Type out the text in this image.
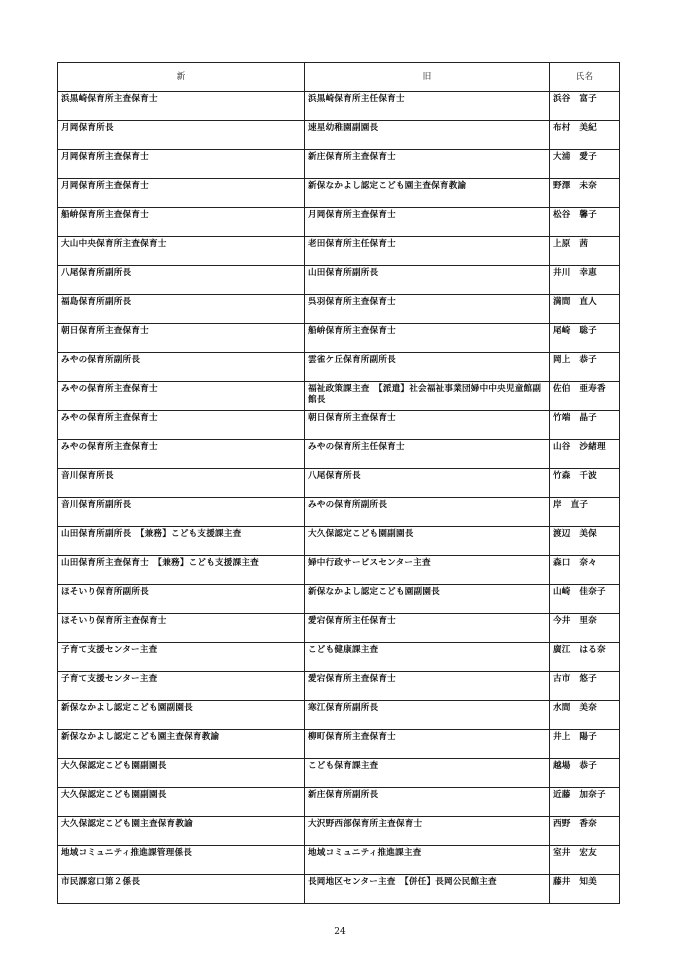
新	旧	氏名
浜黒崎保育所主査保育士	浜黒崎保育所主任保育士	浜谷　富子
月岡保育所長	速星幼稚園副園長	布村　美紀
月岡保育所主査保育士	新庄保育所主査保育士	大浦　愛子
月岡保育所主査保育士	新保なかよし認定こども園主査保育教諭	野澤　未奈
船峅保育所主査保育士	月岡保育所主査保育士	松谷　馨子
大山中央保育所主査保育士	老田保育所主任保育士	上原　茜
八尾保育所副所長	山田保育所副所長	井川　幸恵
福島保育所副所長	呉羽保育所主査保育士	満間　直人
朝日保育所主査保育士	船峅保育所主査保育士	尾崎　聡子
みやの保育所副所長	雲雀ケ丘保育所副所長	岡上　恭子
みやの保育所主査保育士	福祉政策課主査　【派遣】社会福祉事業団婦中中央児童館副館長	佐伯　亜寿香
みやの保育所主査保育士	朝日保育所主査保育士	竹端　晶子
みやの保育所主査保育士	みやの保育所主任保育士	山谷　沙緒理
音川保育所長	八尾保育所長	竹森　千波
音川保育所副所長	みやの保育所副所長	岸　直子
山田保育所副所長　【兼務】こども支援課主査	大久保認定こども園副園長	渡辺　美保
山田保育所主査保育士　【兼務】こども支援課主査	婦中行政サービスセンター主査	森口　奈々
ほそいり保育所副所長	新保なかよし認定こども園副園長	山崎　佳奈子
ほそいり保育所主査保育士	愛宕保育所主任保育士	今井　里奈
子育て支援センター主査	こども健康課主査	廣江　はる奈
子育て支援センター主査	愛宕保育所主査保育士	古市　悠子
新保なかよし認定こども園副園長	寒江保育所副所長	水間　美奈
新保なかよし認定こども園主査保育教諭	柳町保育所主査保育士	井上　陽子
大久保認定こども園副園長	こども保育課主査	越場　恭子
大久保認定こども園副園長	新庄保育所副所長	近藤　加奈子
大久保認定こども園主査保育教諭	大沢野西部保育所主査保育士	西野　香奈
地域コミュニティ推進課管理係長	地域コミュニティ推進課主査	室井　宏友
市民課窓口第２係長	長岡地区センター主査　【併任】長岡公民館主査	藤井　知美
24
